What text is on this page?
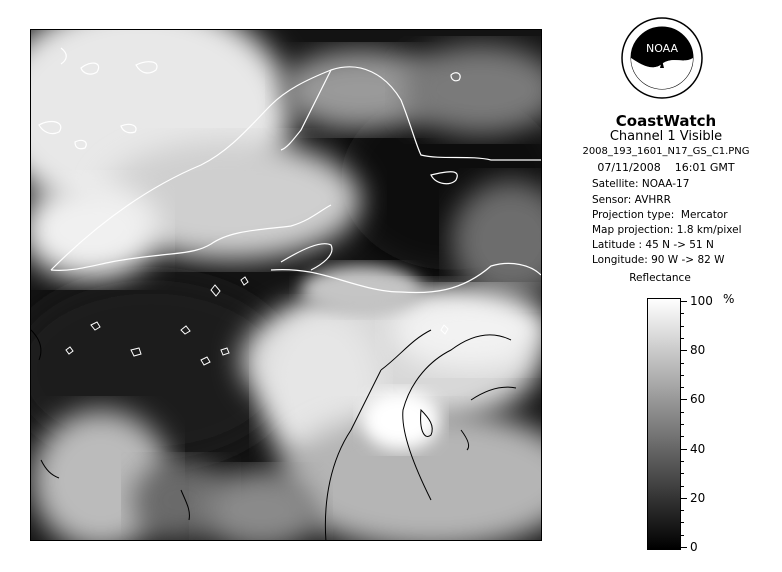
NOAA
CoastWatch
Channel 1 Visible
2008_193_1601_N17_GS_C1.PNG
07/11/2008    16:01 GMT
Satellite: NOAA-17
Sensor: AVHRR
Projection type:  Mercator
Map projection: 1.8 km/pixel
Latitude : 45 N -> 51 N
Longitude: 90 W -> 82 W
Reflectance
%
100
80
60
40
20
0
